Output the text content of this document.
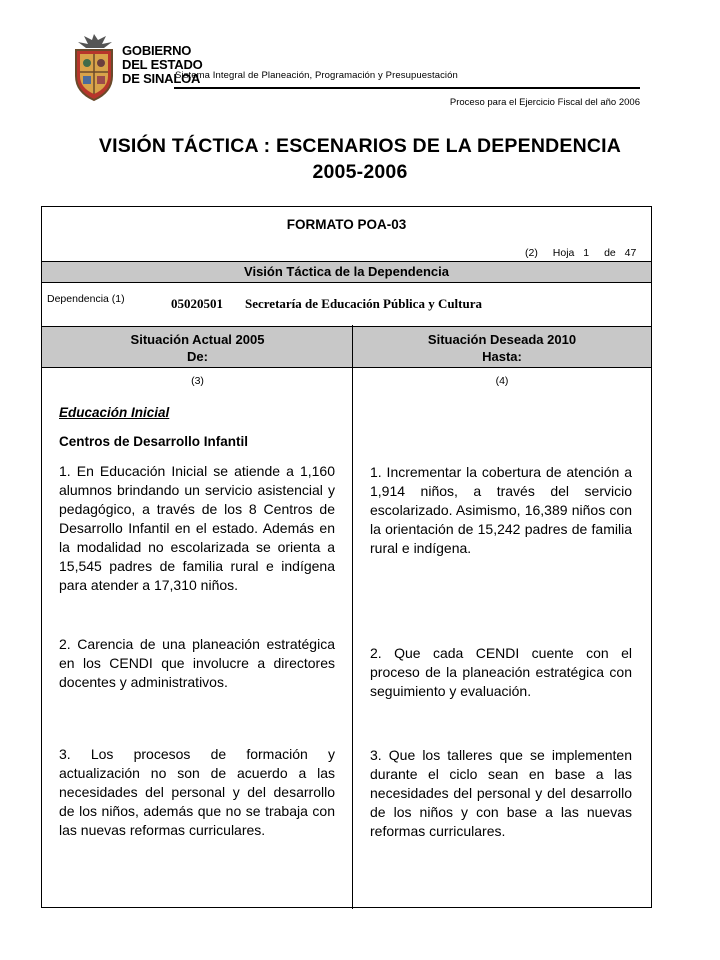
GOBIERNO
DEL ESTADO
DE SINALOA
Sistema Integral de Planeación, Programación y Presupuestación
Proceso para el Ejercicio Fiscal del año 2006
VISIÓN TÁCTICA : ESCENARIOS DE LA DEPENDENCIA
2005-2006
FORMATO POA-03
(2) Hoja 1 de 47
Visión Táctica de la Dependencia
Dependencia (1)	05020501 Secretaría de Educación Pública y Cultura
Situación Actual 2005
De:
Situación Deseada 2010
Hasta:
(3)	(4)
Educación Inicial
Centros de Desarrollo Infantil
1. En Educación Inicial se atiende a 1,160 alumnos brindando un servicio asistencial y pedagógico, a través de los 8 Centros de Desarrollo Infantil en el estado. Además en la modalidad no escolarizada se orienta a 15,545 padres de familia rural e indígena para atender a 17,310 niños.
2. Carencia de una planeación estratégica en los CENDI que involucre a directores docentes y administrativos.
3. Los procesos de formación y actualización no son de acuerdo a las necesidades del personal y del desarrollo de los niños, además que no se trabaja con las nuevas reformas curriculares.
1. Incrementar la cobertura de atención a 1,914 niños, a través del servicio escolarizado. Asimismo, 16,389 niños con la orientación de 15,242 padres de familia rural e indígena.
2. Que cada CENDI cuente con el proceso de la planeación estratégica con seguimiento y evaluación.
3. Que los talleres que se implementen durante el ciclo sean en base a las necesidades del personal y del desarrollo de los niños y con base a las nuevas reformas curriculares.
